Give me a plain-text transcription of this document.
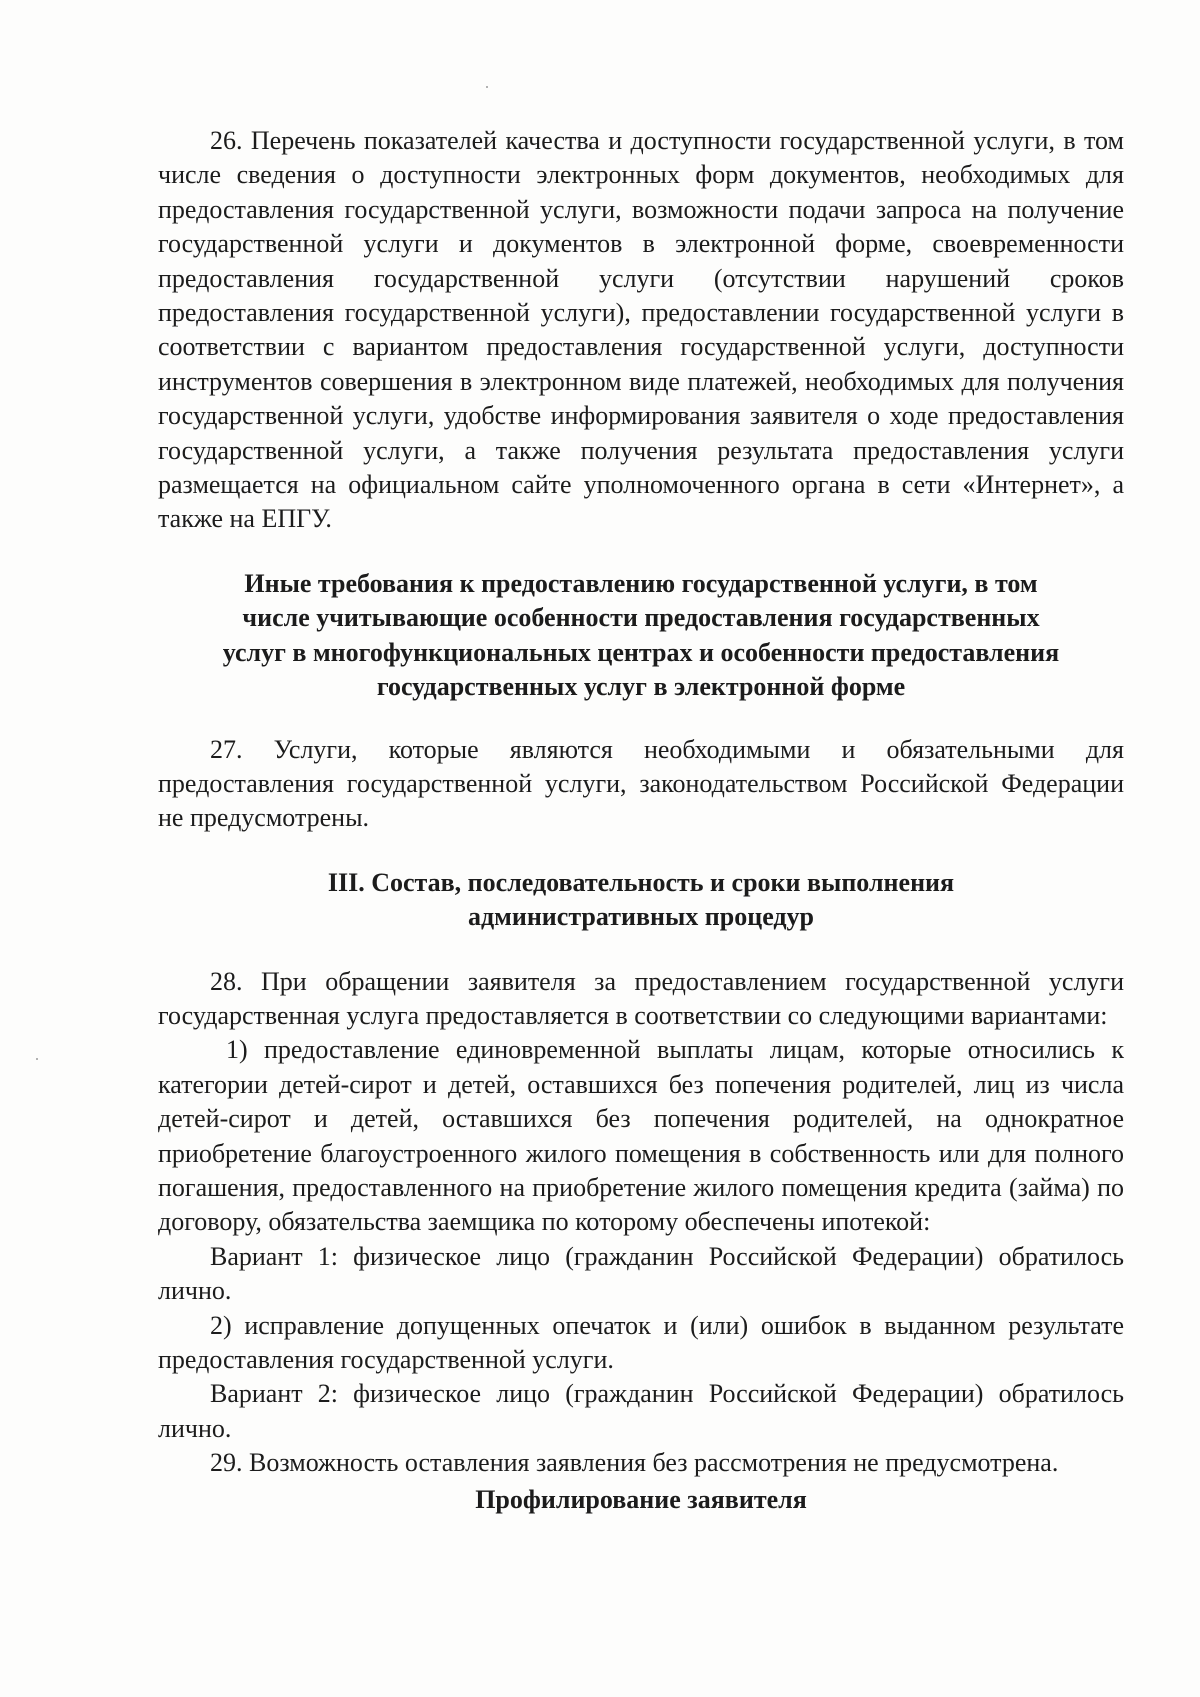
26. Перечень показателей качества и доступности государственной услуги, в том числе сведения о доступности электронных форм документов, необходимых для предоставления государственной услуги, возможности подачи запроса на получение государственной услуги и документов в электронной форме, своевременности предоставления государственной услуги (отсутствии нарушений сроков предоставления государственной услуги), предоставлении государственной услуги в соответствии с вариантом предоставления государственной услуги, доступности инструментов совершения в электронном виде платежей, необходимых для получения государственной услуги, удобстве информирования заявителя о ходе предоставления государственной услуги, а также получения результата предоставления услуги размещается на официальном сайте уполномоченного органа в сети «Интернет», а также на ЕПГУ.

Иные требования к предоставлению государственной услуги, в том
числе учитывающие особенности предоставления государственных
услуг в многофункциональных центрах и особенности предоставления
государственных услуг в электронной форме

27. Услуги, которые являются необходимыми и обязательными для предоставления государственной услуги, законодательством Российской Федерации не предусмотрены.

III. Состав, последовательность и сроки выполнения
административных процедур

28. При обращении заявителя за предоставлением государственной услуги государственная услуга предоставляется в соответствии со следующими вариантами:

1) предоставление единовременной выплаты лицам, которые относились к категории детей-сирот и детей, оставшихся без попечения родителей, лиц из числа детей-сирот и детей, оставшихся без попечения родителей, на однократное приобретение благоустроенного жилого помещения в собственность или для полного погашения, предоставленного на приобретение жилого помещения кредита (займа) по договору, обязательства заемщика по которому обеспечены ипотекой:

Вариант 1: физическое лицо (гражданин Российской Федерации) обратилось лично.

2) исправление допущенных опечаток и (или) ошибок в выданном результате предоставления государственной услуги.

Вариант 2: физическое лицо (гражданин Российской Федерации) обратилось лично.

29. Возможность оставления заявления без рассмотрения не предусмотрена.

Профилирование заявителя
